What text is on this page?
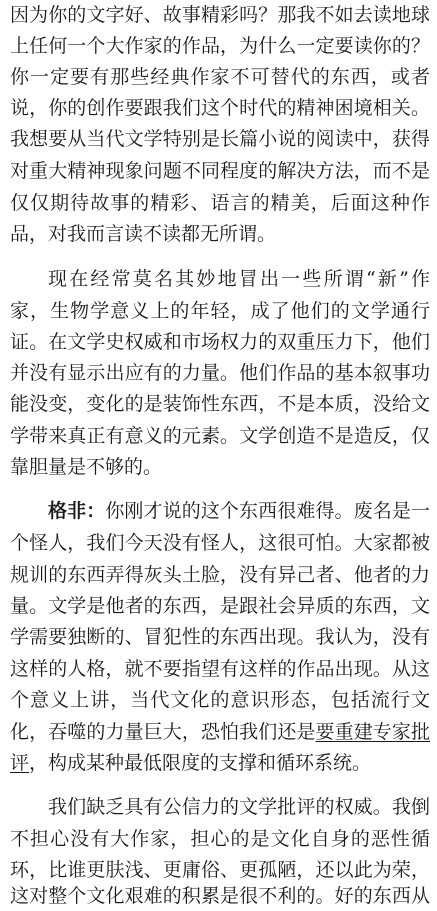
因为你的文字好、故事精彩吗？那我不如去读地球
上任何一个大作家的作品，为什么一定要读你的？
你一定要有那些经典作家不可替代的东西，或者
说，你的创作要跟我们这个时代的精神困境相关。
我想要从当代文学特别是长篇小说的阅读中，获得
对重大精神现象问题不同程度的解决方法，而不是
仅仅期待故事的精彩、语言的精美，后面这种作
品，对我而言读不读都无所谓。
现在经常莫名其妙地冒出一些所谓“新”作
家，生物学意义上的年轻，成了他们的文学通行
证。在文学史权威和市场权力的双重压力下，他们
并没有显示出应有的力量。他们作品的基本叙事功
能没变，变化的是装饰性东西，不是本质，没给文
学带来真正有意义的元素。文学创造不是造反，仅
靠胆量是不够的。
格非：你刚才说的这个东西很难得。废名是一
个怪人，我们今天没有怪人，这很可怕。大家都被
规训的东西弄得灰头土脸，没有异己者、他者的力
量。文学是他者的东西，是跟社会异质的东西，文
学需要独断的、冒犯性的东西出现。我认为，没有
这样的人格，就不要指望有这样的作品出现。从这
个意义上讲，当代文化的意识形态，包括流行文
化，吞噬的力量巨大，恐怕我们还是要重建专家批
评，构成某种最低限度的支撑和循环系统。
我们缺乏具有公信力的文学批评的权威。我倒
不担心没有大作家，担心的是文化自身的恶性循
环，比谁更肤浅、更庸俗、更孤陋，还以此为荣，
这对整个文化艰难的积累是很不利的。好的东西从
